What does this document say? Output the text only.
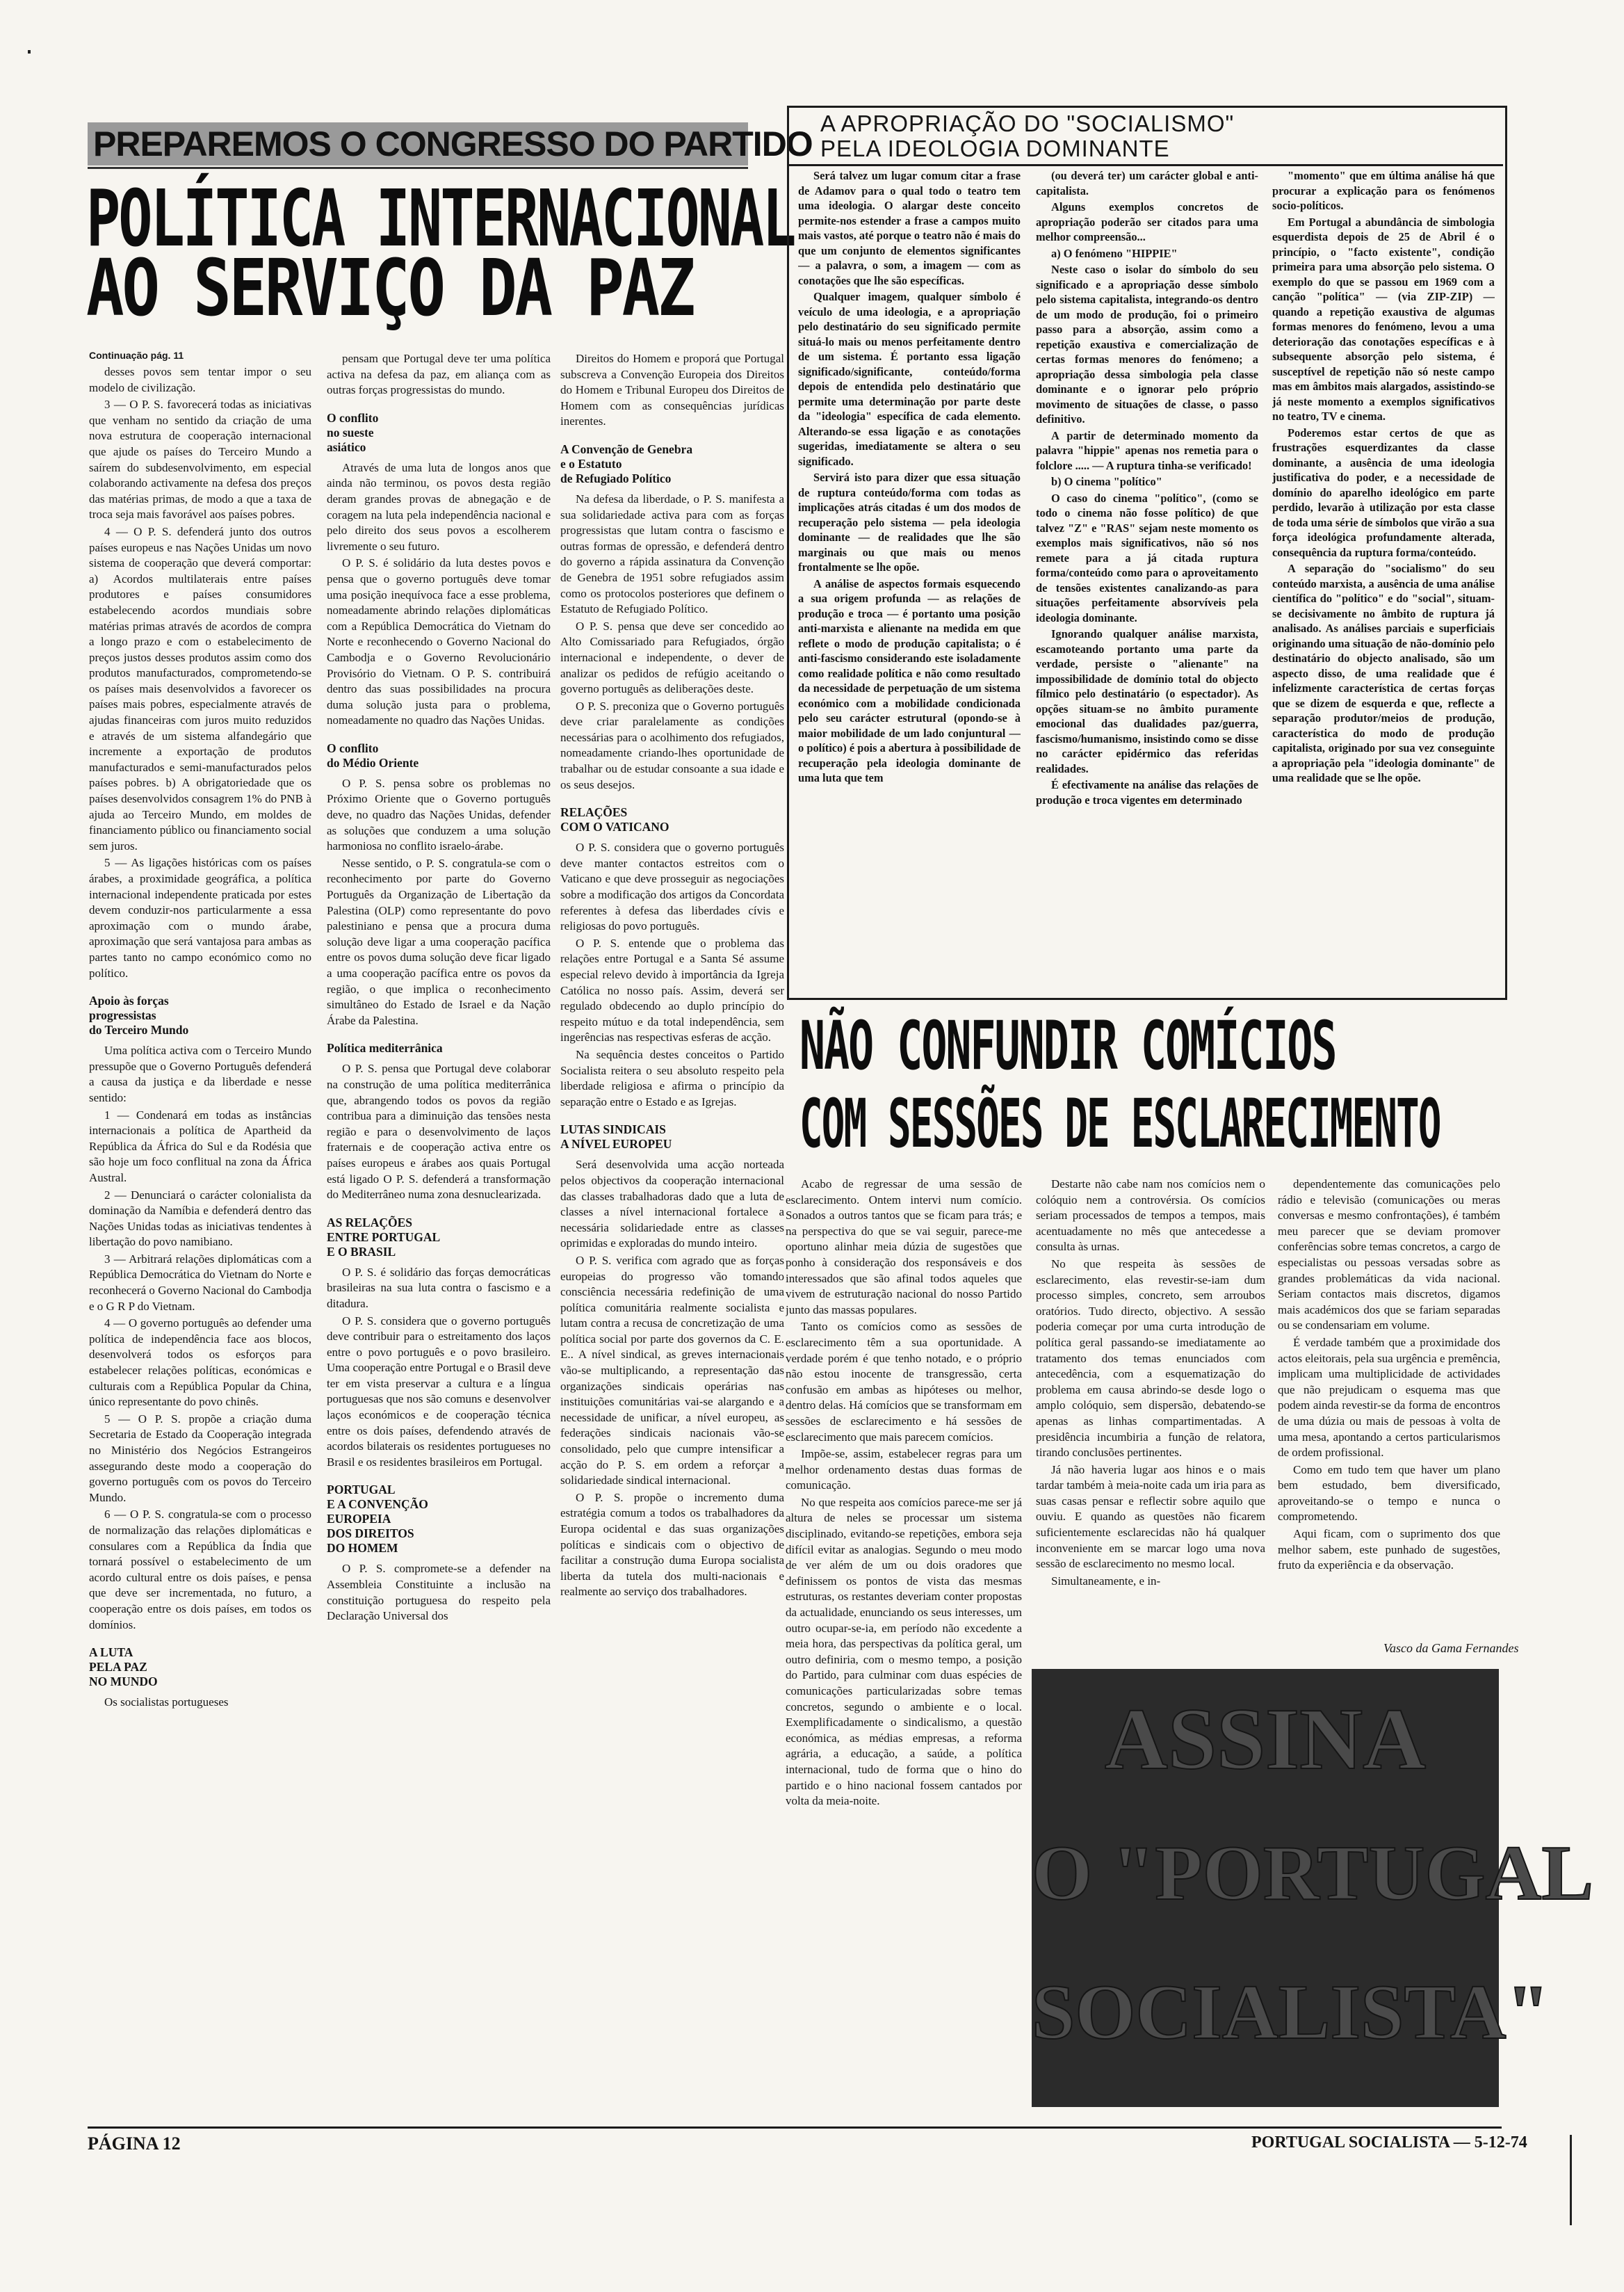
PREPAREMOS O CONGRESSO DO PARTIDO
POLÍTICA INTERNACIONAL
AO SERVIÇO DA PAZ
Continuação pág. 11

desses povos sem tentar impor o seu modelo de civilização.

3 — O P. S. favorecerá todas as iniciativas que venham no sentido da criação de uma nova estrutura de cooperação internacional que ajude os países do Terceiro Mundo a saírem do subdesenvolvimento, em especial colaborando activamente na defesa dos preços das matérias primas, de modo a que a taxa de troca seja mais favorável aos países pobres.

4 — O P. S. defenderá junto dos outros países europeus e nas Nações Unidas um novo sistema de cooperação que deverá comportar: a) Acordos multilaterais entre países produtores e países consumidores estabelecendo acordos mundiais sobre matérias primas através de acordos de compra a longo prazo e com o estabelecimento de preços justos desses produtos assim como dos produtos manufacturados, comprometendo-se os países mais desenvolvidos a favorecer os países mais pobres, especialmente através de ajudas financeiras com juros muito reduzidos e através de um sistema alfandegário que incremente a exportação de produtos manufacturados e semi-manufacturados pelos países pobres. b) A obrigatoriedade que os países desenvolvidos consagrem 1% do PNB à ajuda ao Terceiro Mundo, em moldes de financiamento público ou financiamento social sem juros.

5 — As ligações históricas com os países árabes, a proximidade geográfica, a política internacional independente praticada por estes devem conduzir-nos particularmente a essa aproximação com o mundo árabe, aproximação que será vantajosa para ambas as partes tanto no campo económico como no político.

Apoio às forças
progressistas
do Terceiro Mundo

Uma política activa com o Terceiro Mundo pressupõe que o Governo Português defenderá a causa da justiça e da liberdade e nesse sentido:

1 — Condenará em todas as instâncias internacionais a política de Apartheid da República da África do Sul e da Rodésia que são hoje um foco conflitual na zona da África Austral.

2 — Denunciará o carácter colonialista da dominação da Namíbia e defenderá dentro das Nações Unidas todas as iniciativas tendentes à libertação do povo namibiano.

3 — Arbitrará relações diplomáticas com a República Democrática do Vietnam do Norte e reconhecerá o Governo Nacional do Cambodja e o G R P do Vietnam.

4 — O governo português ao defender uma política de independência face aos blocos, desenvolverá todos os esforços para estabelecer relações políticas, económicas e culturais com a República Popular da China, único representante do povo chinês.

5 — O P. S. propõe a criação duma Secretaria de Estado da Cooperação integrada no Ministério dos Negócios Estrangeiros assegurando deste modo a cooperação do governo português com os povos do Terceiro Mundo.

6 — O P. S. congratula-se com o processo de normalização das relações diplomáticas e consulares com a República da Índia que tornará possível o estabelecimento de um acordo cultural entre os dois países, e pensa que deve ser incrementada, no futuro, a cooperação entre os dois países, em todos os domínios.

A LUTA
PELA PAZ
NO MUNDO

Os socialistas portugueses

pensam que Portugal deve ter uma política activa na defesa da paz, em aliança com as outras forças progressistas do mundo.

O conflito
no sueste
asiático

Através de uma luta de longos anos que ainda não terminou, os povos desta região deram grandes provas de abnegação e de coragem na luta pela independência nacional e pelo direito dos seus povos a escolherem livremente o seu futuro.

O P. S. é solidário da luta destes povos e pensa que o governo português deve tomar uma posição inequívoca face a esse problema, nomeadamente abrindo relações diplomáticas com a República Democrática do Vietnam do Norte e reconhecendo o Governo Nacional do Cambodja e o Governo Revolucionário Provisório do Vietnam. O P. S. contribuirá dentro das suas possibilidades na procura duma solução justa para o problema, nomeadamente no quadro das Nações Unidas.

O conflito
do Médio Oriente

O P. S. pensa sobre os problemas no Próximo Oriente que o Governo português deve, no quadro das Nações Unidas, defender as soluções que conduzem a uma solução harmoniosa no conflito israelo-árabe.

Nesse sentido, o P. S. congratula-se com o reconhecimento por parte do Governo Português da Organização de Libertação da Palestina (OLP) como representante do povo palestiniano e pensa que a procura duma solução deve ligar a uma cooperação pacífica entre os povos duma solução deve ficar ligado a uma cooperação pacífica entre os povos da região, o que implica o reconhecimento simultâneo do Estado de Israel e da Nação Árabe da Palestina.

Política mediterrânica

O P. S. pensa que Portugal deve colaborar na construção de uma política mediterrânica que, abrangendo todos os povos da região contribua para a diminuição das tensões nesta região e para o desenvolvimento de laços fraternais e de cooperação activa entre os países europeus e árabes aos quais Portugal está ligado O P. S. defenderá a transformação do Mediterrâneo numa zona desnuclearizada.

AS RELAÇÕES
ENTRE PORTUGAL
E O BRASIL

O P. S. é solidário das forças democráticas brasileiras na sua luta contra o fascismo e a ditadura.

O P. S. considera que o governo português deve contribuir para o estreitamento dos laços entre o povo português e o povo brasileiro. Uma cooperação entre Portugal e o Brasil deve ter em vista preservar a cultura e a língua portuguesas que nos são comuns e desenvolver laços económicos e de cooperação técnica entre os dois países, defendendo através de acordos bilaterais os residentes portugueses no Brasil e os residentes brasileiros em Portugal.

PORTUGAL
E A CONVENÇÃO
EUROPEIA
DOS DIREITOS
DO HOMEM

O P. S. compromete-se a defender na Assembleia Constituinte a inclusão na constituição portuguesa do respeito pela Declaração Universal dos

Direitos do Homem e proporá que Portugal subscreva a Convenção Europeia dos Direitos do Homem e Tribunal Europeu dos Direitos de Homem com as consequências jurídicas inerentes.

A Convenção de Genebra
e o Estatuto
de Refugiado Político

Na defesa da liberdade, o P. S. manifesta a sua solidariedade activa para com as forças progressistas que lutam contra o fascismo e outras formas de opressão, e defenderá dentro do governo a rápida assinatura da Convenção de Genebra de 1951 sobre refugiados assim como os protocolos posteriores que definem o Estatuto de Refugiado Político.

O P. S. pensa que deve ser concedido ao Alto Comissariado para Refugiados, órgão internacional e independente, o dever de analizar os pedidos de refúgio aceitando o governo português as deliberações deste.

O P. S. preconiza que o Governo português deve criar paralelamente as condições necessárias para o acolhimento dos refugiados, nomeadamente criando-lhes oportunidade de trabalhar ou de estudar consoante a sua idade e os seus desejos.

RELAÇÕES
COM O VATICANO

O P. S. considera que o governo português deve manter contactos estreitos com o Vaticano e que deve prosseguir as negociações sobre a modificação dos artigos da Concordata referentes à defesa das liberdades cívis e religiosas do povo português.

O P. S. entende que o problema das relações entre Portugal e a Santa Sé assume especial relevo devido à importância da Igreja Católica no nosso país. Assim, deverá ser regulado obdecendo ao duplo princípio do respeito mútuo e da total independência, sem ingerências nas respectivas esferas de acção.

Na sequência destes conceitos o Partido Socialista reitera o seu absoluto respeito pela liberdade religiosa e afirma o princípio da separação entre o Estado e as Igrejas.

LUTAS SINDICAIS
A NÍVEL EUROPEU

Será desenvolvida uma acção norteada pelos objectivos da cooperação internacional das classes trabalhadoras dado que a luta de classes a nível internacional fortalece a necessária solidariedade entre as classes oprimidas e exploradas do mundo inteiro.

O P. S. verifica com agrado que as forças europeias do progresso vão tomando consciência necessária redefinição de uma política comunitária realmente socialista e lutam contra a recusa de concretização de uma política social por parte dos governos da C. E. E.. A nível sindical, as greves internacionais vão-se multiplicando, a representação das organizações sindicais operárias nas instituições comunitárias vai-se alargando e a necessidade de unificar, a nível europeu, as federações sindicais nacionais vão-se consolidado, pelo que cumpre intensificar a acção do P. S. em ordem a reforçar a solidariedade sindical internacional.

O P. S. propõe o incremento duma estratégia comum a todos os trabalhadores da Europa ocidental e das suas organizações políticas e sindicais com o objectivo de facilitar a construção duma Europa socialista liberta da tutela dos multi-nacionais e realmente ao serviço dos trabalhadores.

A APROPRIAÇÃO DO "SOCIALISMO"
PELA IDEOLOGIA DOMINANTE

Será talvez um lugar comum citar a frase de Adamov para o qual todo o teatro tem uma ideologia. O alargar deste conceito permite-nos estender a frase a campos muito mais vastos, até porque o teatro não é mais do que um conjunto de elementos significantes — a palavra, o som, a imagem — com as conotações que lhe são específicas.

Qualquer imagem, qualquer símbolo é veículo de uma ideologia, e a apropriação pelo destinatário do seu significado permite situá-lo mais ou menos perfeitamente dentro de um sistema. É portanto essa ligação significado/significante, conteúdo/forma depois de entendida pelo destinatário que permite uma determinação por parte deste da "ideologia" específica de cada elemento. Alterando-se essa ligação e as conotações sugeridas, imediatamente se altera o seu significado.

Servirá isto para dizer que essa situação de ruptura conteúdo/forma com todas as implicações atrás citadas é um dos modos de recuperação pelo sistema — pela ideologia dominante — de realidades que lhe são marginais ou que mais ou menos frontalmente se lhe opõe.

A análise de aspectos formais esquecendo a sua origem profunda — as relações de produção e troca — é portanto uma posição anti-marxista e alienante na medida em que reflete o modo de produção capitalista; o é anti-fascismo considerando este isoladamente como realidade política e não como resultado da necessidade de perpetuação de um sistema económico com a mobilidade condicionada pelo seu carácter estrutural (opondo-se à maior mobilidade de um lado conjuntural — o político) é pois a abertura à possibilidade de recuperação pela ideologia dominante de uma luta que tem

(ou deverá ter) um carácter global e anti-capitalista.

Alguns exemplos concretos de apropriação poderão ser citados para uma melhor compreensão...

a) O fenómeno "HIPPIE"

Neste caso o isolar do símbolo do seu significado e a apropriação desse símbolo pelo sistema capitalista, integrando-os dentro de um modo de produção, foi o primeiro passo para a absorção, assim como a repetição exaustiva e comercialização de certas formas menores do fenómeno; a apropriação dessa simbologia pela classe dominante e o ignorar pelo próprio movimento de situações de classe, o passo definitivo.

A partir de determinado momento da palavra "hippie" apenas nos remetia para o folclore ..... — A ruptura tinha-se verificado!

b) O cinema "político"

O caso do cinema "político", (como se todo o cinema não fosse político) de que talvez "Z" e "RAS" sejam neste momento os exemplos mais significativos, não só nos remete para a já citada ruptura forma/conteúdo como para o aproveitamento de tensões existentes canalizando-as para situações perfeitamente absorvíveis pela ideologia dominante.

Ignorando qualquer análise marxista, escamoteando portanto uma parte da verdade, persiste o "alienante" na impossibilidade de domínio total do objecto fílmico pelo destinatário (o espectador). As opções situam-se no âmbito puramente emocional das dualidades paz/guerra, fascismo/humanismo, insistindo como se disse no carácter epidérmico das referidas realidades.

É efectivamente na análise das relações de produção e troca vigentes em determinado

"momento" que em última análise há que procurar a explicação para os fenómenos socio-políticos.

Em Portugal a abundância de simbologia esquerdista depois de 25 de Abril é o princípio, o "facto existente", condição primeira para uma absorção pelo sistema. O exemplo do que se passou em 1969 com a canção "política" — (via ZIP-ZIP) — quando a repetição exaustiva de algumas formas menores do fenómeno, levou a uma deterioração das conotações específicas e à subsequente absorção pelo sistema, é susceptível de repetição não só neste campo mas em âmbitos mais alargados, assistindo-se já neste momento a exemplos significativos no teatro, TV e cinema.

Poderemos estar certos de que as frustrações esquerdizantes da classe dominante, a ausência de uma ideologia justificativa do poder, e a necessidade de domínio do aparelho ideológico em parte perdido, levarão à utilização por esta classe de toda uma série de símbolos que virão a sua força ideológica profundamente alterada, consequência da ruptura forma/conteúdo.

A separação do "socialismo" do seu conteúdo marxista, a ausência de uma análise científica do "político" e do "social", situam-se decisivamente no âmbito de ruptura já analisado. As análises parciais e superficiais originando uma situação de não-domínio pelo destinatário do objecto analisado, são um aspecto disso, de uma realidade que é infelizmente característica de certas forças que se dizem de esquerda e que, reflecte a separação produtor/meios de produção, característica do modo de produção capitalista, originado por sua vez conseguinte a apropriação pela "ideologia dominante" de uma realidade que se lhe opõe.

NÃO CONFUNDIR COMÍCIOS
COM SESSÕES DE ESCLARECIMENTO

Acabo de regressar de uma sessão de esclarecimento. Ontem intervi num comício. Sonados a outros tantos que se ficam para trás; e na perspectiva do que se vai seguir, parece-me oportuno alinhar meia dúzia de sugestões que ponho à consideração dos responsáveis e dos interessados que são afinal todos aqueles que vivem de estruturação nacional do nosso Partido junto das massas populares.

Tanto os comícios como as sessões de esclarecimento têm a sua oportunidade. A verdade porém é que tenho notado, e o próprio não estou inocente de transgressão, certa confusão em ambas as hipóteses ou melhor, dentro delas. Há comícios que se transformam em sessões de esclarecimento e há sessões de esclarecimento que mais parecem comícios.

Impõe-se, assim, estabelecer regras para um melhor ordenamento destas duas formas de comunicação.

No que respeita aos comícios parece-me ser já altura de neles se processar um sistema disciplinado, evitando-se repetições, embora seja difícil evitar as analogias. Segundo o meu modo de ver além de um ou dois oradores que definissem os pontos de vista das mesmas estruturas, os restantes deveriam conter propostas da actualidade, enunciando os seus interesses, um outro ocupar-se-ia, em período não excedente a meia hora, das perspectivas da política geral, um outro definiria, com o mesmo tempo, a posição do Partido, para culminar com duas espécies de comunicações particularizadas sobre temas concretos, segundo o ambiente e o local. Exemplificadamente o sindicalismo, a questão económica, as médias empresas, a reforma agrária, a educação, a saúde, a política internacional, tudo de forma que o hino do partido e o hino nacional fossem cantados por volta da meia-noite.

Destarte não cabe nam nos comícios nem o colóquio nem a controvérsia. Os comícios seriam processados de tempos a tempos, mais acentuadamente no mês que antecedesse a consulta às urnas.

No que respeita às sessões de esclarecimento, elas revestir-se-iam dum processo simples, concreto, sem arroubos oratórios. Tudo directo, objectivo. A sessão poderia começar por uma curta introdução de política geral passando-se imediatamente ao tratamento dos temas enunciados com antecedência, com a esquematização do problema em causa abrindo-se desde logo o amplo colóquio, sem dispersão, debatendo-se apenas as linhas compartimentadas. A presidência incumbiria a função de relatora, tirando conclusões pertinentes.

Já não haveria lugar aos hinos e o mais tardar também à meia-noite cada um iria para as suas casas pensar e reflectir sobre aquilo que ouviu. E quando as questões não ficarem suficientemente esclarecidas não há qualquer inconveniente em se marcar logo uma nova sessão de esclarecimento no mesmo local.

Simultaneamente, e in-

dependentemente das comunicações pelo rádio e televisão (comunicações ou meras conversas e mesmo confrontações), é também meu parecer que se deviam promover conferências sobre temas concretos, a cargo de especialistas ou pessoas versadas sobre as grandes problemáticas da vida nacional. Seriam contactos mais discretos, digamos mais académicos dos que se fariam separadas ou se condensariam em volume.

É verdade também que a proximidade dos actos eleitorais, pela sua urgência e premência, implicam uma multiplicidade de actividades que não prejudicam o esquema mas que podem ainda revestir-se da forma de encontros de uma dúzia ou mais de pessoas à volta de uma mesa, apontando a certos particularismos de ordem profissional.

Como em tudo tem que haver um plano bem estudado, bem diversificado, aproveitando-se o tempo e nunca o comprometendo.

Aqui ficam, com o suprimento dos que melhor sabem, este punhado de sugestões, fruto da experiência e da observação.

Vasco da Gama Fernandes
ASSINA
O "PORTUGAL
SOCIALISTA"
PÁGINA 12	PORTUGAL SOCIALISTA — 5-12-74
